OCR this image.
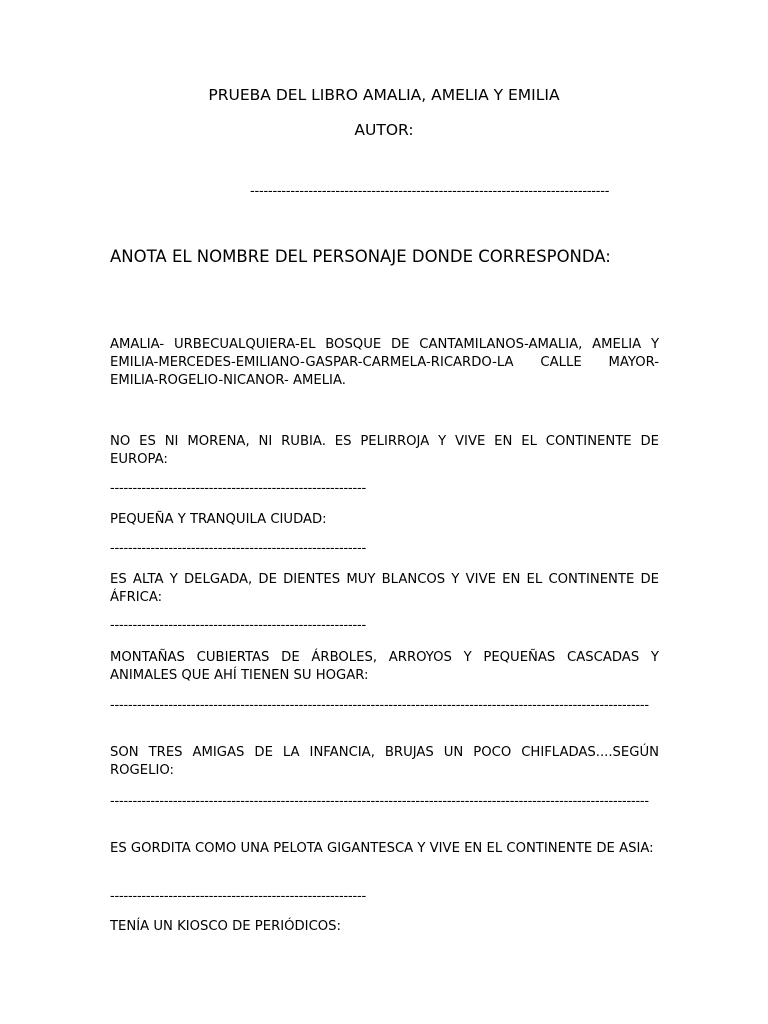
PRUEBA DEL LIBRO AMALIA, AMELIA Y EMILIA
AUTOR:
--------------------------------------------------------------------------------
ANOTA EL NOMBRE DEL PERSONAJE DONDE CORRESPONDA:
AMALIA- URBECUALQUIERA-EL BOSQUE DE CANTAMILANOS-AMALIA, AMELIA Y EMILIA-MERCEDES-EMILIANO-GASPAR-CARMELA-RICARDO-LA CALLE MAYOR-EMILIA-ROGELIO-NICANOR- AMELIA.
NO ES NI MORENA, NI RUBIA. ES PELIRROJA Y VIVE EN EL CONTINENTE DE EUROPA:
---------------------------------------------------------
PEQUEÑA Y TRANQUILA CIUDAD:
---------------------------------------------------------
ES ALTA Y DELGADA, DE DIENTES MUY BLANCOS Y VIVE EN EL CONTINENTE DE ÁFRICA:
---------------------------------------------------------
MONTAÑAS CUBIERTAS DE ÁRBOLES, ARROYOS Y PEQUEÑAS CASCADAS Y ANIMALES QUE AHÍ TIENEN SU HOGAR:
------------------------------------------------------------------------------------------------------------------------
SON TRES AMIGAS DE LA INFANCIA, BRUJAS UN POCO CHIFLADAS....SEGÚN ROGELIO:
------------------------------------------------------------------------------------------------------------------------
ES GORDITA COMO UNA PELOTA GIGANTESCA Y VIVE EN EL CONTINENTE DE ASIA:
---------------------------------------------------------
TENÍA UN KIOSCO DE PERIÓDICOS:
